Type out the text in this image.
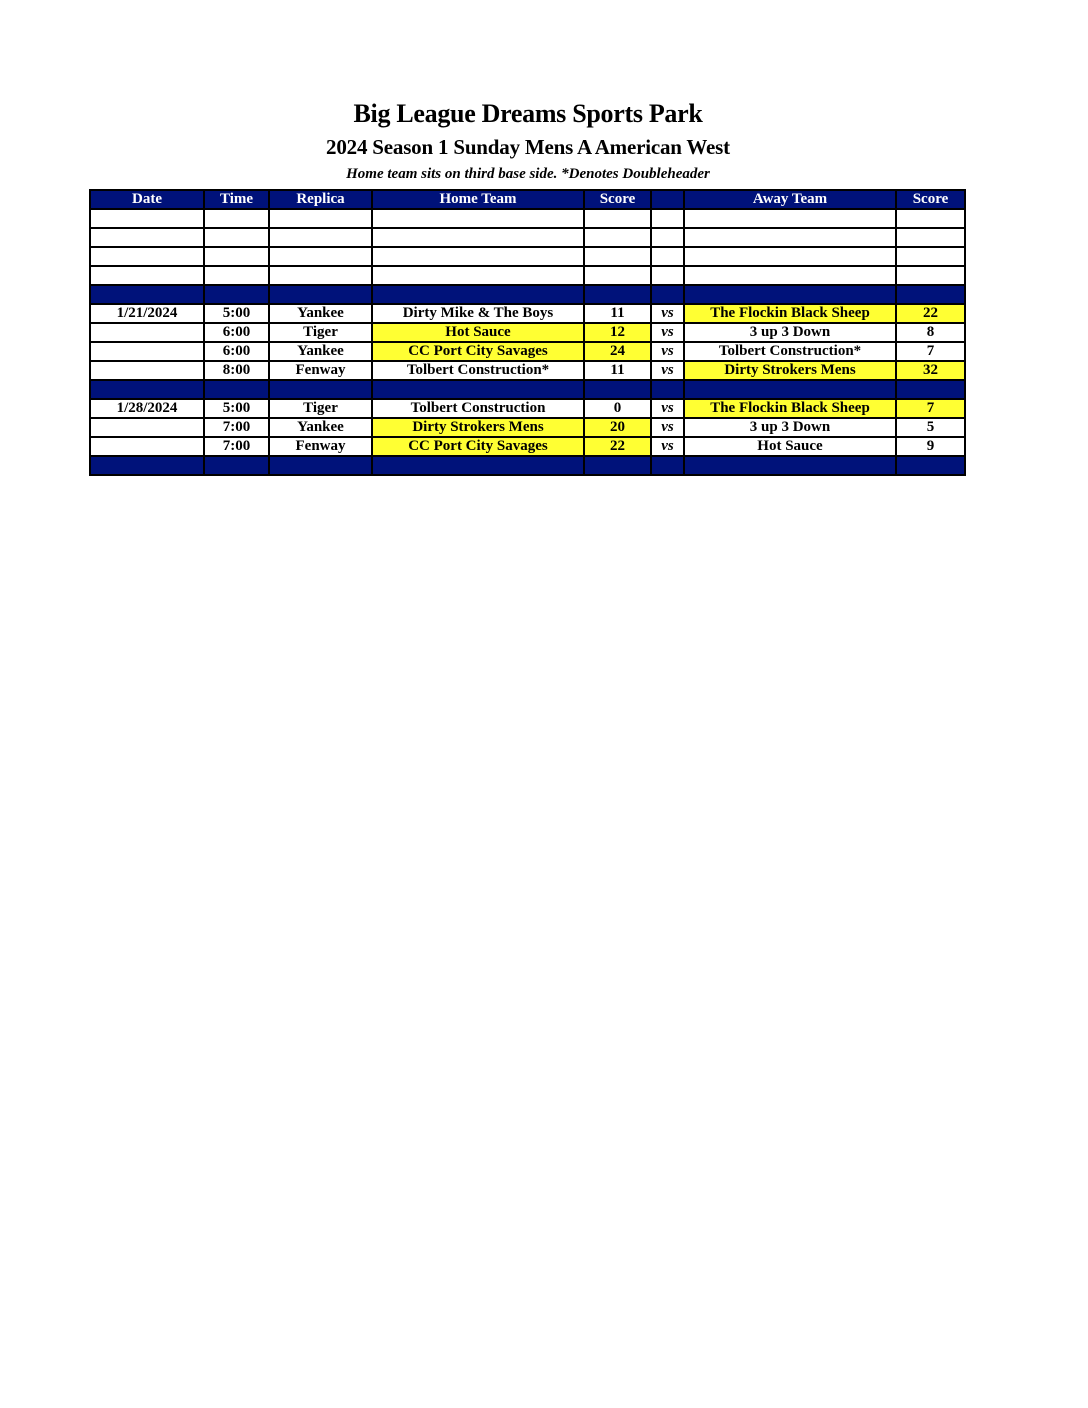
Big League Dreams Sports Park
2024 Season 1 Sunday Mens A American West
Home team sits on third base side. *Denotes Doubleheader
Date	Time	Replica	Home Team	Score		Away Team	Score

1/21/2024	5:00	Yankee	Dirty Mike & The Boys	11	vs	The Flockin Black Sheep	22
	6:00	Tiger	Hot Sauce	12	vs	3 up 3 Down	8
	6:00	Yankee	CC Port City Savages	24	vs	Tolbert Construction*	7
	8:00	Fenway	Tolbert Construction*	11	vs	Dirty Strokers Mens	32

1/28/2024	5:00	Tiger	Tolbert Construction	0	vs	The Flockin Black Sheep	7
	7:00	Yankee	Dirty Strokers Mens	20	vs	3 up 3 Down	5
	7:00	Fenway	CC Port City Savages	22	vs	Hot Sauce	9
